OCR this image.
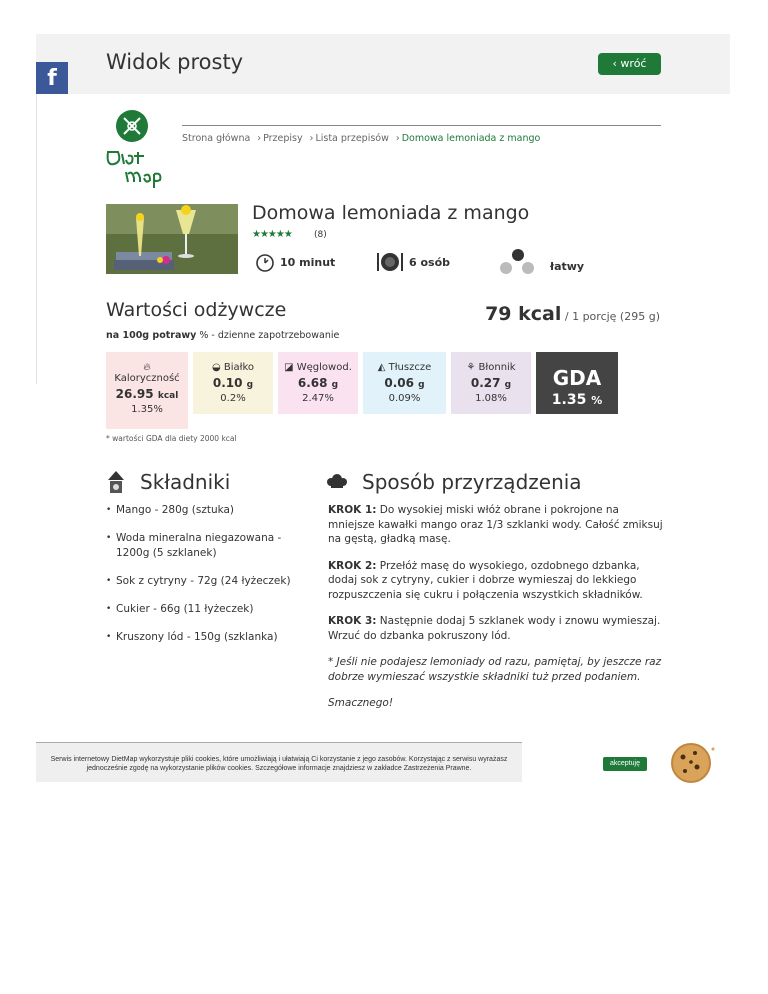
f
Widok prosty	‹ wróć
Strona główna › Przepisy › Lista przepisów › Domowa lemoniada z mango
Domowa lemoniada z mango
★★★★★ (8)
10 minut	6 osób	łatwy
Wartości odżywcze	79 kcal / 1 porcję (295 g)
na 100g potrawy % - dzienne zapotrzebowanie
🔥︎
Kaloryczność
26.95 kcal
1.35%
◒ Białko
0.10 g
0.2%
◪ Węglowod.
6.68 g
2.47%
◭ Tłuszcze
0.06 g
0.09%
⚘ Błonnik
0.27 g
1.08%
GDA
1.35 %
* wartości GDA dla diety 2000 kcal
Składniki	Sposób przyrządzenia
• Mango - 280g (sztuka)
• Woda mineralna niegazowana - 1200g (5 szklanek)
• Sok z cytryny - 72g (24 łyżeczek)
• Cukier - 66g (11 łyżeczek)
• Kruszony lód - 150g (szklanka)

KROK 1: Do wysokiej miski włóż obrane i pokrojone na mniejsze kawałki mango oraz 1/3 szklanki wody. Całość zmiksuj na gęstą, gładką masę.

KROK 2: Przełóż masę do wysokiego, ozdobnego dzbanka, dodaj sok z cytryny, cukier i dobrze wymieszaj do lekkiego rozpuszczenia się cukru i połączenia wszystkich składników.

KROK 3: Następnie dodaj 5 szklanek wody i znowu wymieszaj. Wrzuć do dzbanka pokruszony lód.

* Jeśli nie podajesz lemoniady od razu, pamiętaj, by jeszcze raz dobrze wymieszać wszystkie składniki tuż przed podaniem.

Smacznego!

Serwis internetowy DietMap wykorzystuje pliki cookies, które umożliwiają i ułatwiają Ci korzystanie z jego zasobów. Korzystając z serwisu wyrażasz jednocześnie zgodę na wykorzystanie plików cookies. Szczegółowe informacje znajdziesz w zakładce Zastrzeżenia Prawne.
akceptuję
